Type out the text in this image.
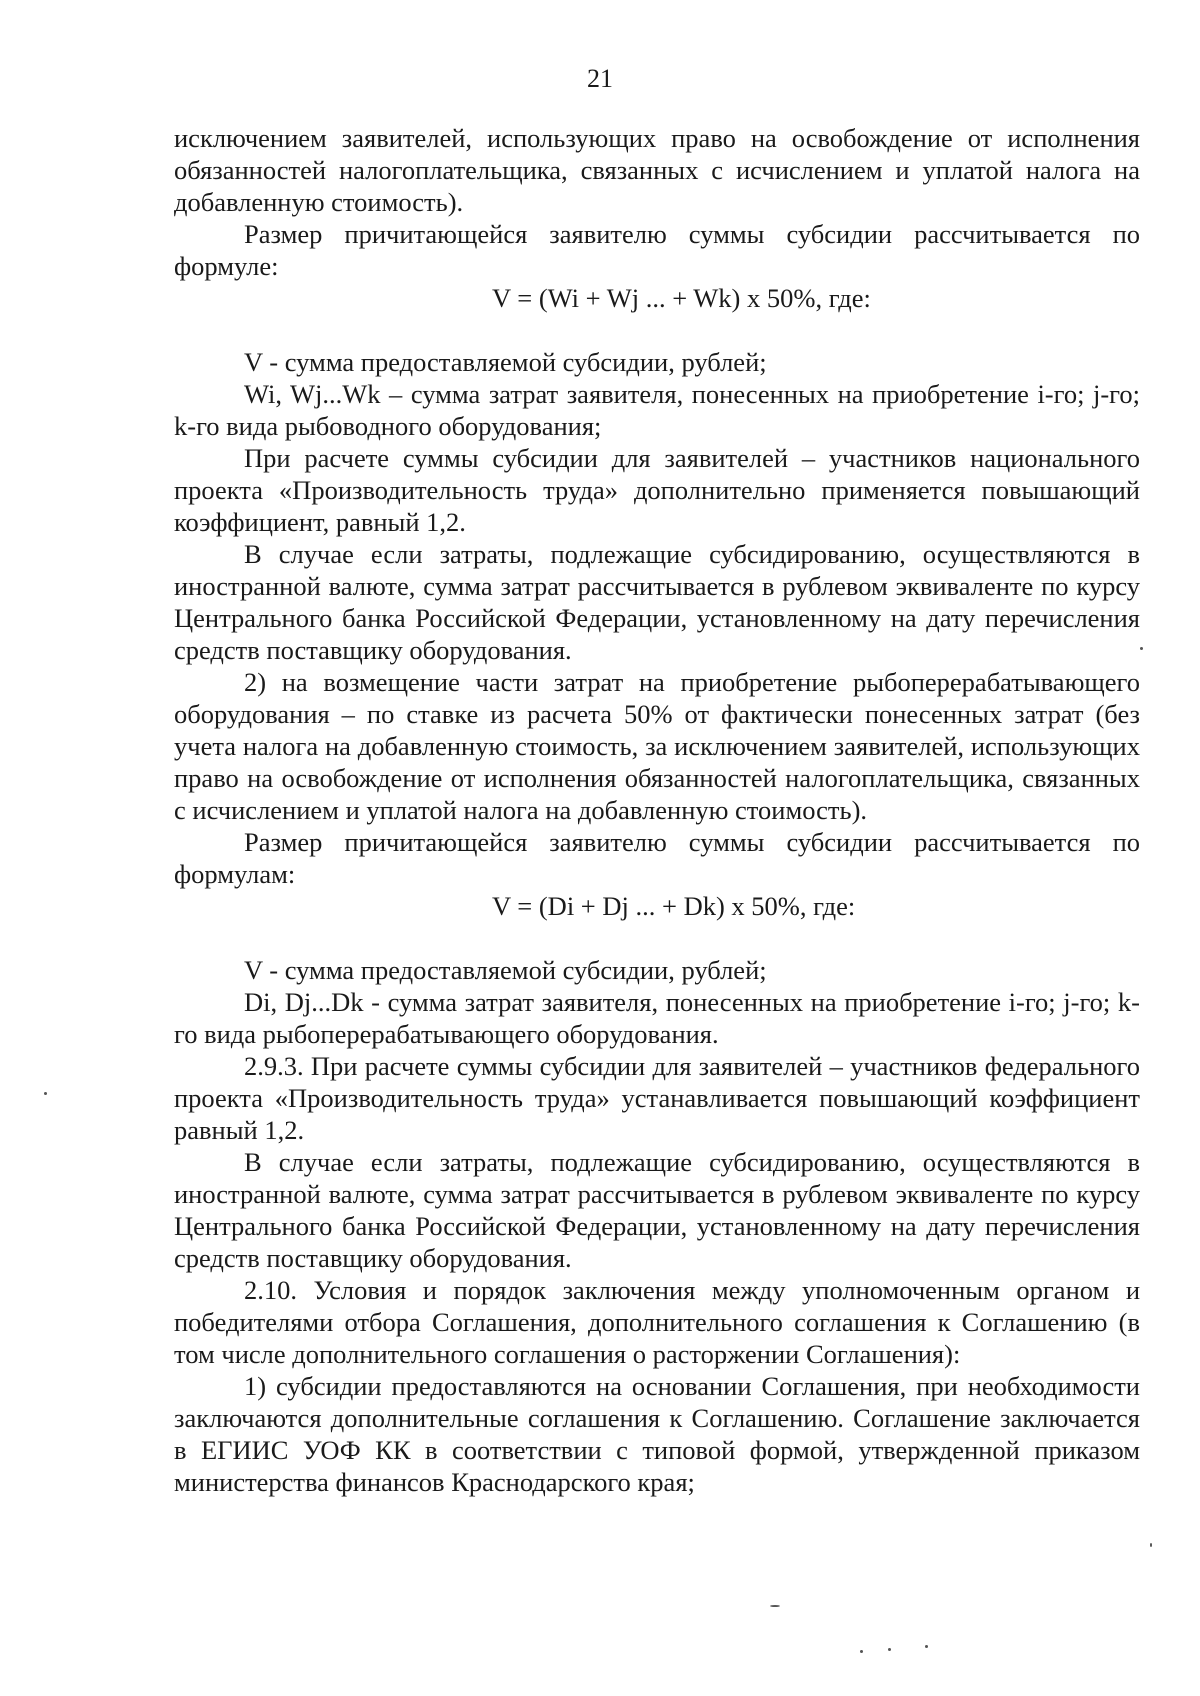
21

исключением заявителей, использующих право на освобождение от исполнения обязанностей налогоплательщика, связанных с исчислением и уплатой налога на добавленную стоимость).

Размер причитающейся заявителю суммы субсидии рассчитывается по формуле:

V = (Wi + Wj ... + Wk) x 50%, где:

V - сумма предоставляемой субсидии, рублей;

Wi, Wj...Wk – сумма затрат заявителя, понесенных на приобретение i-го; j-го; k-го вида рыбоводного оборудования;

При расчете суммы субсидии для заявителей – участников национального проекта «Производительность труда» дополнительно применяется повышающий коэффициент, равный 1,2.

В случае если затраты, подлежащие субсидированию, осуществляются в иностранной валюте, сумма затрат рассчитывается в рублевом эквиваленте по курсу Центрального банка Российской Федерации, установленному на дату перечисления средств поставщику оборудования.

2) на возмещение части затрат на приобретение рыбоперерабатывающего оборудования – по ставке из расчета 50% от фактически понесенных затрат (без учета налога на добавленную стоимость, за исключением заявителей, использующих право на освобождение от исполнения обязанностей налогоплательщика, связанных с исчислением и уплатой налога на добавленную стоимость).

Размер причитающейся заявителю суммы субсидии рассчитывается по формулам:

V = (Di + Dj ... + Dk) x 50%, где:

V - сумма предоставляемой субсидии, рублей;

Di, Dj...Dk - сумма затрат заявителя, понесенных на приобретение i-го; j-го; k-го вида рыбоперерабатывающего оборудования.

2.9.3. При расчете суммы субсидии для заявителей – участников федерального проекта «Производительность труда» устанавливается повышающий коэффициент равный 1,2.

В случае если затраты, подлежащие субсидированию, осуществляются в иностранной валюте, сумма затрат рассчитывается в рублевом эквиваленте по курсу Центрального банка Российской Федерации, установленному на дату перечисления средств поставщику оборудования.

2.10. Условия и порядок заключения между уполномоченным органом и победителями отбора Соглашения, дополнительного соглашения к Соглашению (в том числе дополнительного соглашения о расторжении Соглашения):

1) субсидии предоставляются на основании Соглашения, при необходимости заключаются дополнительные соглашения к Соглашению. Соглашение заключается в ЕГИИС УОФ КК в соответствии с типовой формой, утвержденной приказом министерства финансов Краснодарского края;
